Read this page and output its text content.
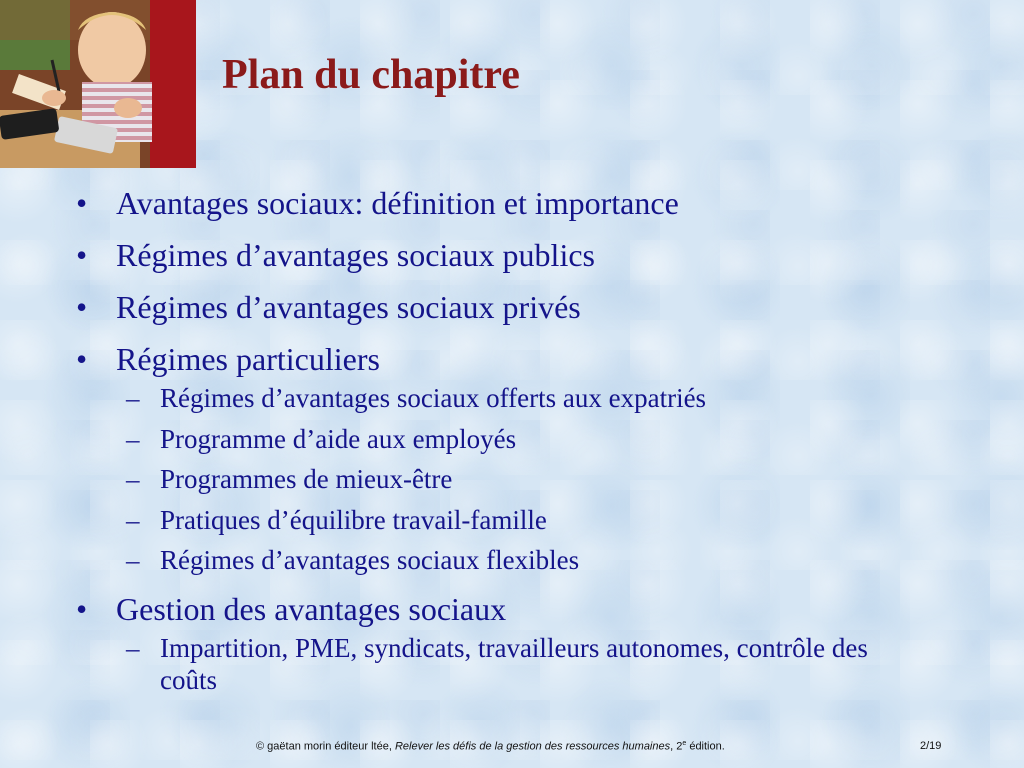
Plan du chapitre
• Avantages sociaux: définition et importance
• Régimes d’avantages sociaux publics
• Régimes d’avantages sociaux privés
• Régimes particuliers
– Régimes d’avantages sociaux offerts aux expatriés
– Programme d’aide aux employés
– Programmes de mieux-être
– Pratiques d’équilibre travail-famille
– Régimes d’avantages sociaux flexibles
• Gestion des avantages sociaux
– Impartition, PME, syndicats, travailleurs autonomes, contrôle des coûts
© gaëtan morin éditeur ltée, Relever les défis de la gestion des ressources humaines, 2e édition.	2/19
